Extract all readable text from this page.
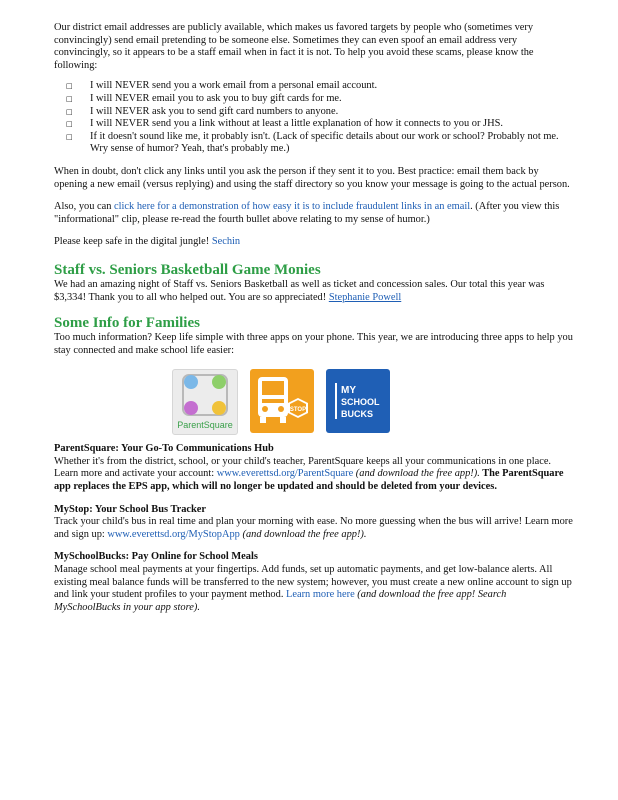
Our district email addresses are publicly available, which makes us favored targets by people who (sometimes very convincingly) send email pretending to be someone else. Sometimes they can even spoof an email address very convincingly, so it appears to be a staff email when in fact it is not. To help you avoid these scams, please know the following:

□ I will NEVER send you a work email from a personal email account.
□ I will NEVER email you to ask you to buy gift cards for me.
□ I will NEVER ask you to send gift card numbers to anyone.
□ I will NEVER send you a link without at least a little explanation of how it connects to you or JHS.
□ If it doesn't sound like me, it probably isn't. (Lack of specific details about our work or school? Probably not me. Wry sense of humor? Yeah, that's probably me.)

When in doubt, don't click any links until you ask the person if they sent it to you. Best practice: email them back by opening a new email (versus replying) and using the staff directory so you know your message is going to the actual person.

Also, you can click here for a demonstration of how easy it is to include fraudulent links in an email. (After you view this "informational" clip, please re-read the fourth bullet above relating to my sense of humor.)

Please keep safe in the digital jungle! Sechin

Staff vs. Seniors Basketball Game Monies

We had an amazing night of Staff vs. Seniors Basketball as well as ticket and concession sales. Our total this year was $3,334! Thank you to all who helped out. You are so appreciated! Stephanie Powell

Some Info for Families

Too much information? Keep life simple with three apps on your phone. This year, we are introducing three apps to help you stay connected and make school life easier:

ParentSquare
STOP
MY
SCHOOL
BUCKS

ParentSquare: Your Go-To Communications Hub

Whether it's from the district, school, or your child's teacher, ParentSquare keeps all your communications in one place. Learn more and activate your account: www.everettsd.org/ParentSquare (and download the free app!). The ParentSquare app replaces the EPS app, which will no longer be updated and should be deleted from your devices.

MyStop: Your School Bus Tracker

Track your child's bus in real time and plan your morning with ease. No more guessing when the bus will arrive! Learn more and sign up: www.everettsd.org/MyStopApp (and download the free app!).

MySchoolBucks: Pay Online for School Meals

Manage school meal payments at your fingertips. Add funds, set up automatic payments, and get low-balance alerts. All existing meal balance funds will be transferred to the new system; however, you must create a new online account to sign up and link your student profiles to your payment method. Learn more here (and download the free app! Search MySchoolBucks in your app store).
